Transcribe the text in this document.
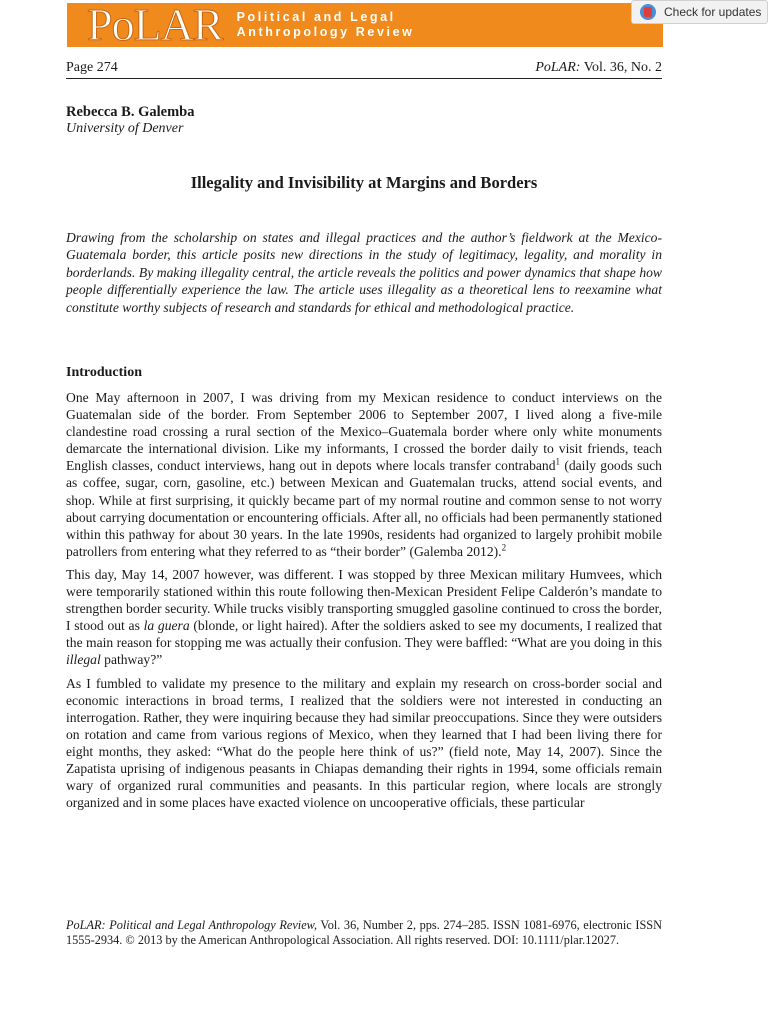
PoLAR Political and Legal
Anthropology Review
Check for updates
Page 274	PoLAR: Vol. 36, No. 2
Rebecca B. Galemba
University of Denver
Illegality and Invisibility at Margins and Borders
Drawing from the scholarship on states and illegal practices and the author’s fieldwork at the Mexico-Guatemala border, this article posits new directions in the study of legitimacy, legality, and morality in borderlands. By making illegality central, the article reveals the politics and power dynamics that shape how people differentially experience the law. The article uses illegality as a theoretical lens to reexamine what constitute worthy subjects of research and standards for ethical and methodological practice.
Introduction

One May afternoon in 2007, I was driving from my Mexican residence to conduct interviews on the Guatemalan side of the border. From September 2006 to September 2007, I lived along a five-mile clandestine road crossing a rural section of the Mexico–Guatemala border where only white monuments demarcate the international division. Like my informants, I crossed the border daily to visit friends, teach English classes, conduct interviews, hang out in depots where locals transfer contraband$^1$ (daily goods such as coffee, sugar, corn, gasoline, etc.) between Mexican and Guatemalan trucks, attend social events, and shop. While at first surprising, it quickly became part of my normal routine and common sense to not worry about carrying documentation or encountering officials. After all, no officials had been permanently stationed within this pathway for about 30 years. In the late 1990s, residents had organized to largely prohibit mobile patrollers from entering what they referred to as “their border” (Galemba 2012).$^2$

This day, May 14, 2007 however, was different. I was stopped by three Mexican military Humvees, which were temporarily stationed within this route following then-Mexican President Felipe Calderón’s mandate to strengthen border security. While trucks visibly transporting smuggled gasoline continued to cross the border, I stood out as la guera (blonde, or light haired). After the soldiers asked to see my documents, I realized that the main reason for stopping me was actually their confusion. They were baffled: “What are you doing in this illegal pathway?”

As I fumbled to validate my presence to the military and explain my research on cross-border social and economic interactions in broad terms, I realized that the soldiers were not interested in conducting an interrogation. Rather, they were inquiring because they had similar preoccupations. Since they were outsiders on rotation and came from various regions of Mexico, when they learned that I had been living there for eight months, they asked: “What do the people here think of us?” (field note, May 14, 2007). Since the Zapatista uprising of indigenous peasants in Chiapas demanding their rights in 1994, some officials remain wary of organized rural communities and peasants. In this particular region, where locals are strongly organized and in some places have exacted violence on uncooperative officials, these particular

PoLAR: Political and Legal Anthropology Review, Vol. 36, Number 2, pps. 274–285. ISSN 1081-6976, electronic ISSN 1555-2934. © 2013 by the American Anthropological Association. All rights reserved. DOI: 10.1111/plar.12027.
